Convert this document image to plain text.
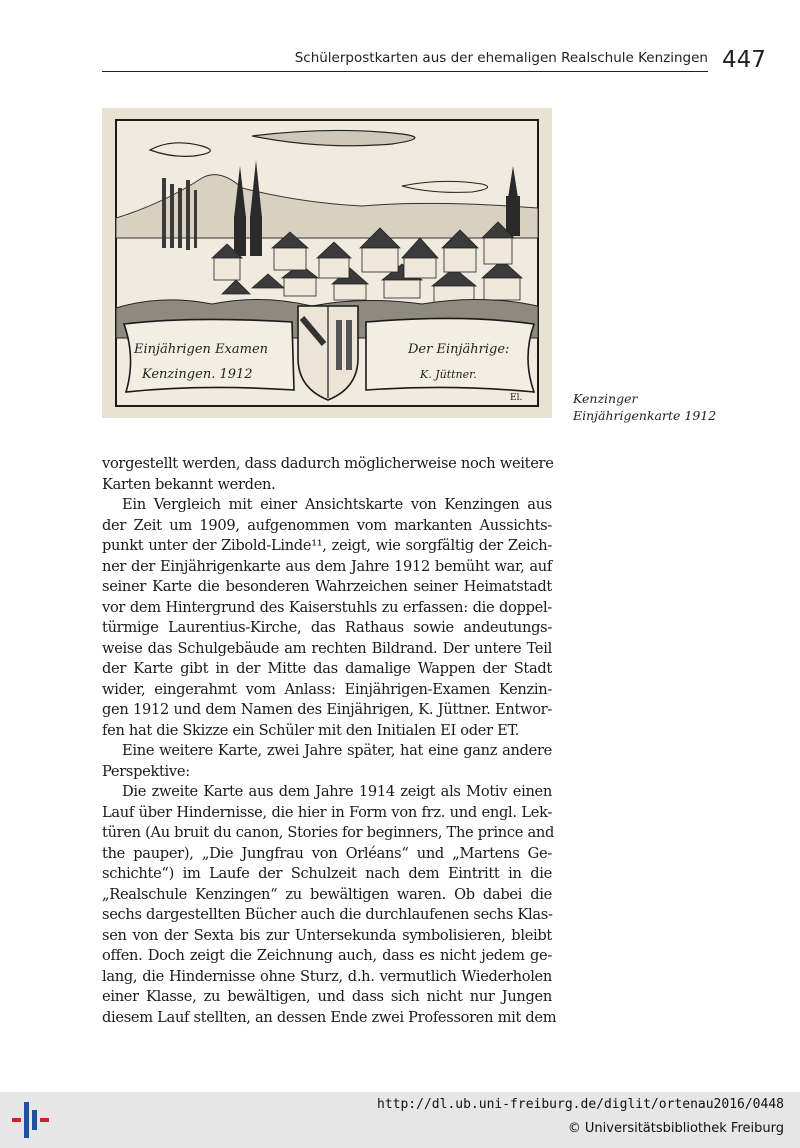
Schülerpostkarten aus der ehemaligen Realschule Kenzingen 447
Einjährigen Examen
Kenzingen. 1912
Der Einjährige:
K. Jüttner.
El.	Kenzinger
Einjährigenkarte 1912
vorgestellt werden, dass dadurch möglicherweise noch weitere
Karten bekannt werden.
Ein Vergleich mit einer Ansichtskarte von Kenzingen aus
der Zeit um 1909, aufgenommen vom markanten Aussichts-
punkt unter der Zibold-Linde¹¹, zeigt, wie sorgfältig der Zeich-
ner der Einjährigenkarte aus dem Jahre 1912 bemüht war, auf
seiner Karte die besonderen Wahrzeichen seiner Heimatstadt
vor dem Hintergrund des Kaiserstuhls zu erfassen: die doppel-
türmige Laurentius-Kirche, das Rathaus sowie andeutungs-
weise das Schulgebäude am rechten Bildrand. Der untere Teil
der Karte gibt in der Mitte das damalige Wappen der Stadt
wider, eingerahmt vom Anlass: Einjährigen-Examen Kenzin-
gen 1912 und dem Namen des Einjährigen, K. Jüttner. Entwor-
fen hat die Skizze ein Schüler mit den Initialen EI oder ET.
Eine weitere Karte, zwei Jahre später, hat eine ganz andere
Perspektive:
Die zweite Karte aus dem Jahre 1914 zeigt als Motiv einen
Lauf über Hindernisse, die hier in Form von frz. und engl. Lek-
türen (Au bruit du canon, Stories for beginners, The prince and
the pauper), „Die Jungfrau von Orléans“ und „Martens Ge-
schichte“) im Laufe der Schulzeit nach dem Eintritt in die
„Realschule Kenzingen“ zu bewältigen waren. Ob dabei die
sechs dargestellten Bücher auch die durchlaufenen sechs Klas-
sen von der Sexta bis zur Untersekunda symbolisieren, bleibt
offen. Doch zeigt die Zeichnung auch, dass es nicht jedem ge-
lang, die Hindernisse ohne Sturz, d.h. vermutlich Wiederholen
einer Klasse, zu bewältigen, und dass sich nicht nur Jungen
diesem Lauf stellten, an dessen Ende zwei Professoren mit dem
http://dl.ub.uni-freiburg.de/diglit/ortenau2016/0448
© Universitätsbibliothek Freiburg
